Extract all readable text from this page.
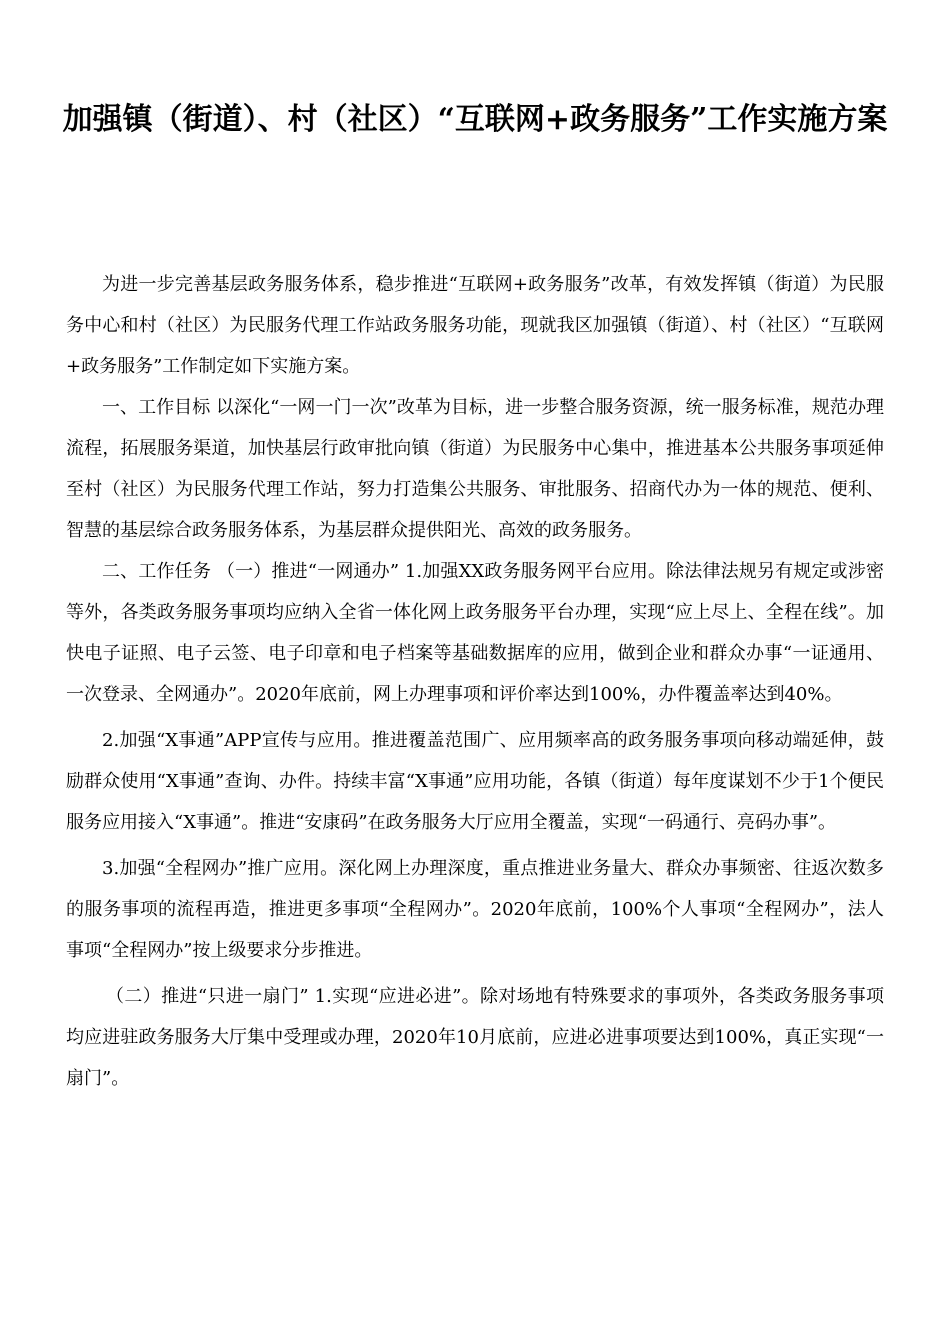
加强镇（街道）、村（社区）“互联网+政务服务”工作实施方案

为进一步完善基层政务服务体系，稳步推进“互联网+政务服务”改革，有效发挥镇（街道）为民服务中心和村（社区）为民服务代理工作站政务服务功能，现就我区加强镇（街道）、村（社区）“互联网+政务服务”工作制定如下实施方案。

一、工作目标 以深化“一网一门一次”改革为目标，进一步整合服务资源，统一服务标准，规范办理流程，拓展服务渠道，加快基层行政审批向镇（街道）为民服务中心集中，推进基本公共服务事项延伸至村（社区）为民服务代理工作站，努力打造集公共服务、审批服务、招商代办为一体的规范、便利、智慧的基层综合政务服务体系，为基层群众提供阳光、高效的政务服务。

二、工作任务 （一）推进“一网通办” 1.加强XX政务服务网平台应用。除法律法规另有规定或涉密等外，各类政务服务事项均应纳入全省一体化网上政务服务平台办理，实现“应上尽上、全程在线”。加快电子证照、电子云签、电子印章和电子档案等基础数据库的应用，做到企业和群众办事“一证通用、一次登录、全网通办”。2020年底前，网上办理事项和评价率达到100%，办件覆盖率达到40%。

2.加强“X事通”APP宣传与应用。推进覆盖范围广、应用频率高的政务服务事项向移动端延伸，鼓励群众使用“X事通”查询、办件。持续丰富“X事通”应用功能，各镇（街道）每年度谋划不少于1个便民服务应用接入“X事通”。推进“安康码”在政务服务大厅应用全覆盖，实现“一码通行、亮码办事”。

3.加强“全程网办”推广应用。深化网上办理深度，重点推进业务量大、群众办事频密、往返次数多的服务事项的流程再造，推进更多事项“全程网办”。2020年底前，100%个人事项“全程网办”，法人事项“全程网办”按上级要求分步推进。

（二）推进“只进一扇门” 1.实现“应进必进”。除对场地有特殊要求的事项外，各类政务服务事项均应进驻政务服务大厅集中受理或办理，2020年10月底前，应进必进事项要达到100%，真正实现“一扇门”。
